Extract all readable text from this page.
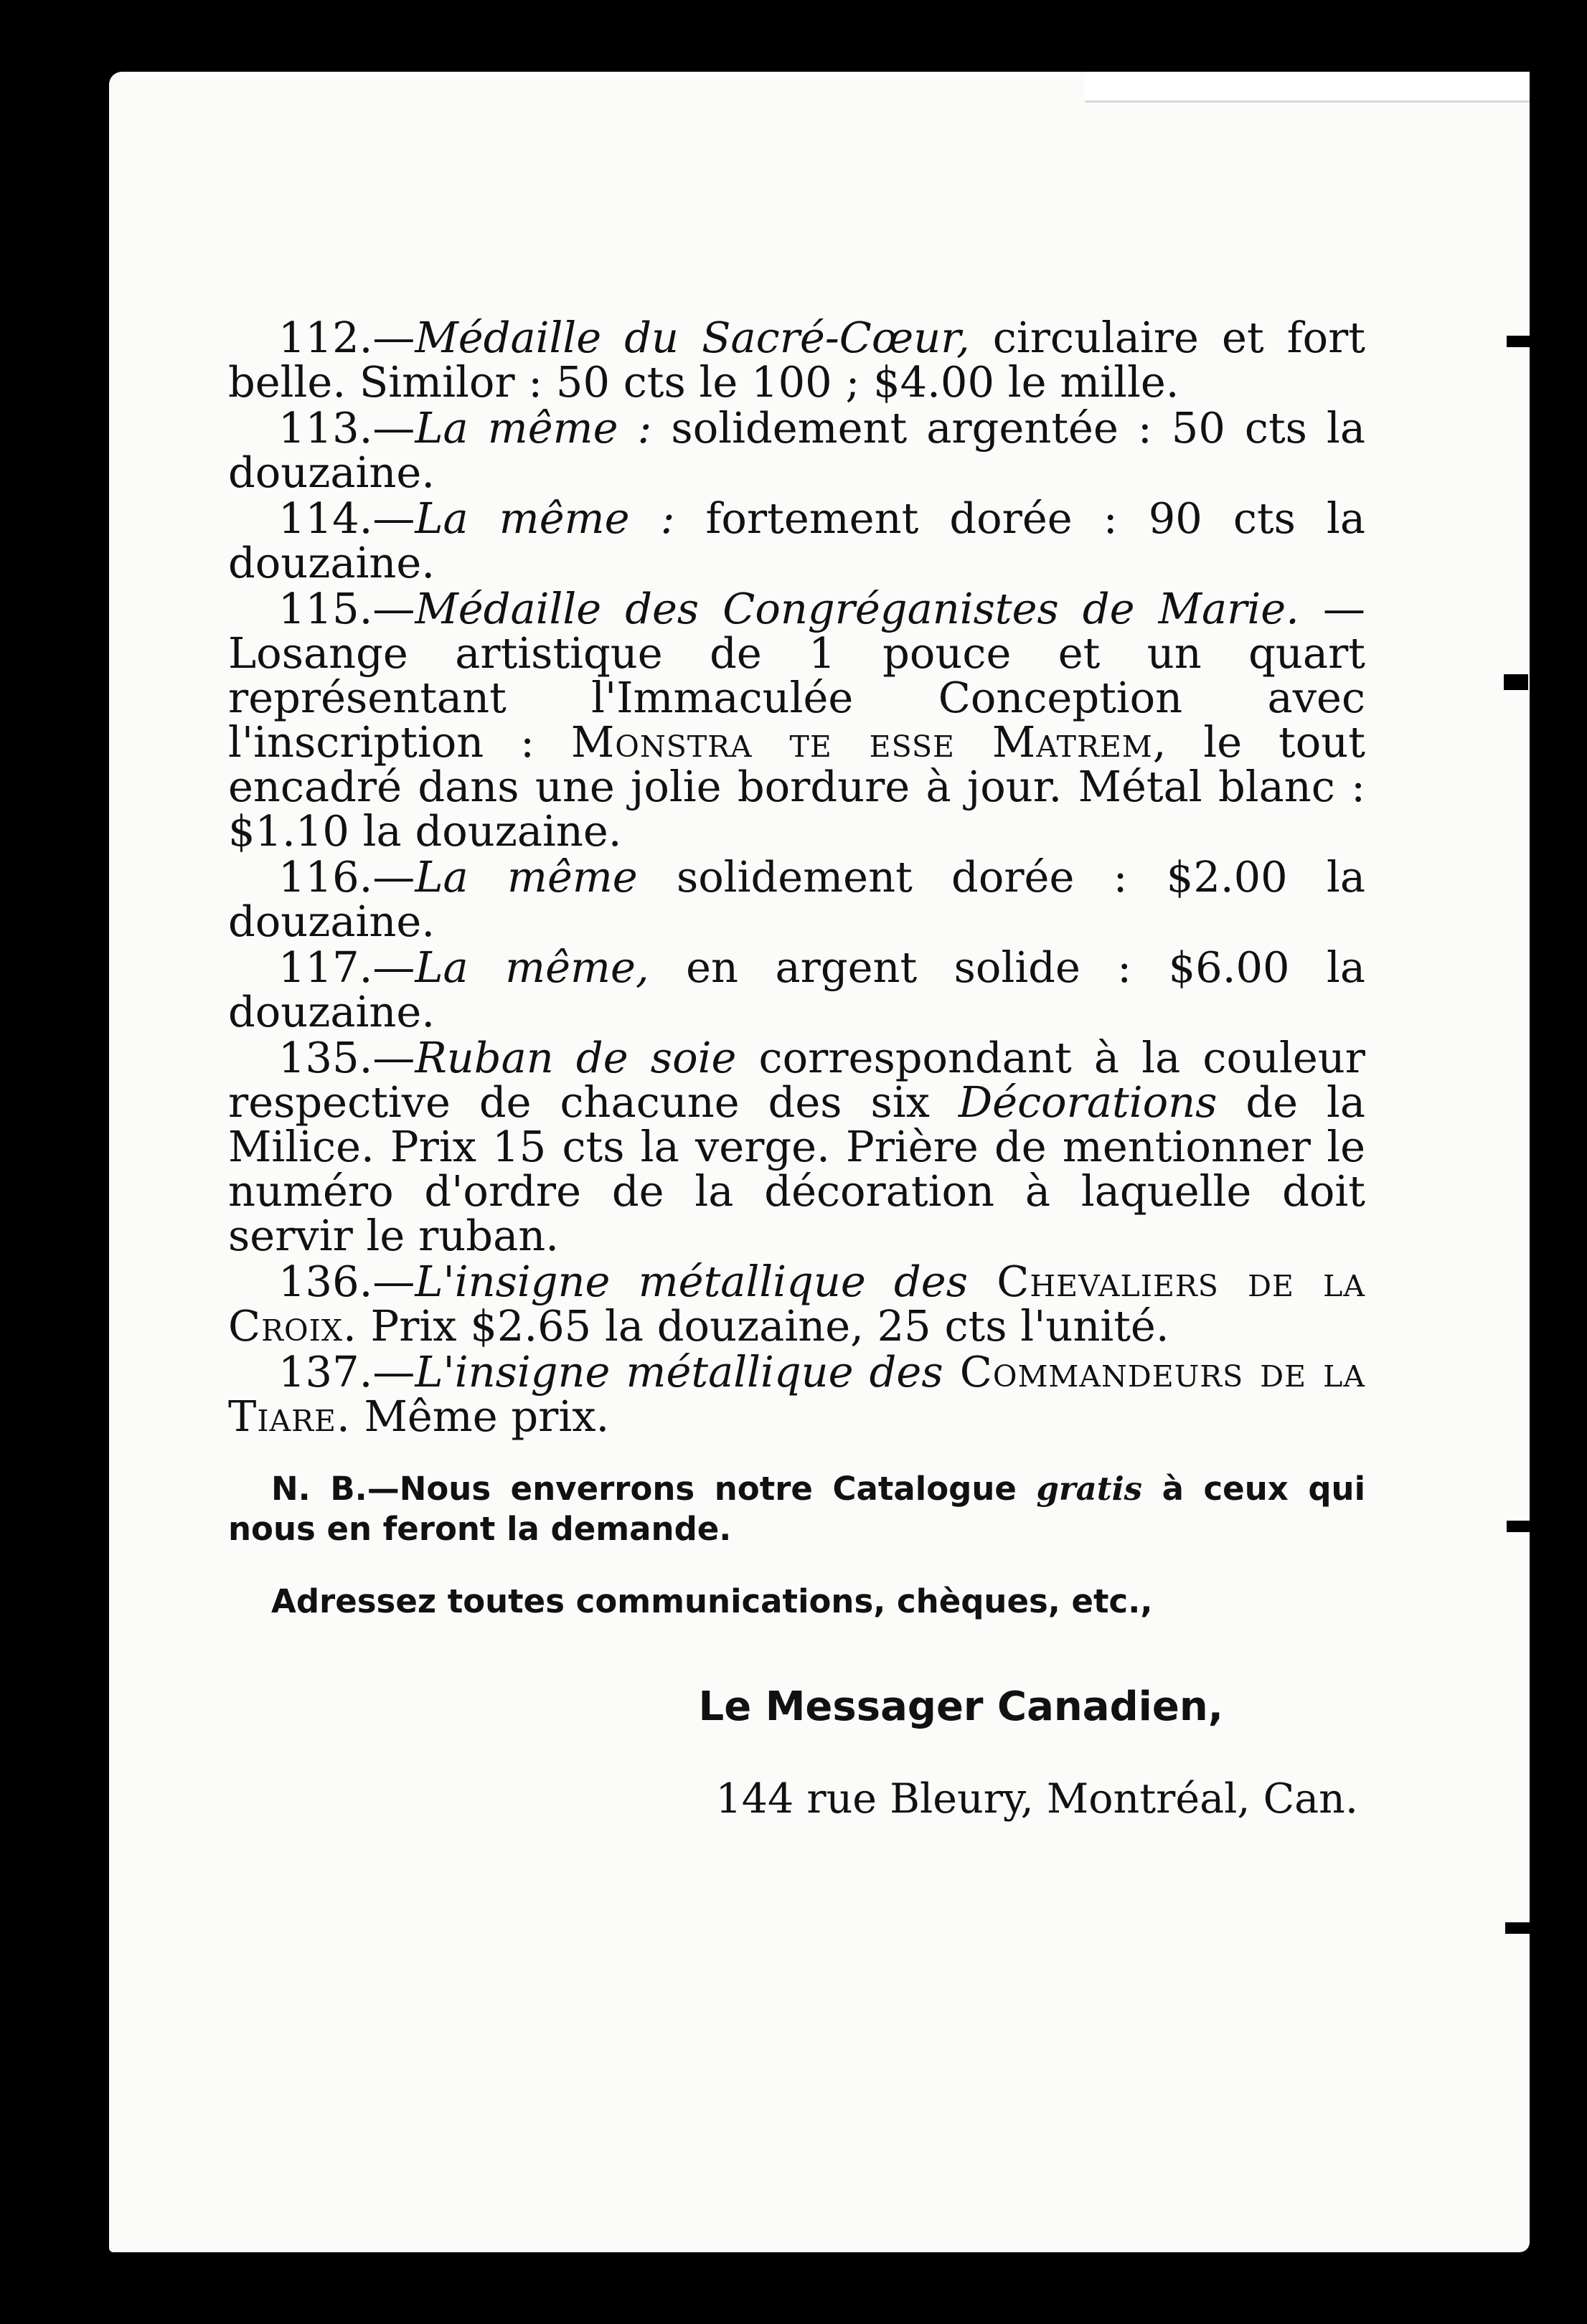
112.—Médaille du Sacré-Cœur, circulaire et fort belle. Similor : 50 cts le 100 ; $4.00 le mille.

113.—La même : solidement argentée : 50 cts la douzaine.

114.—La même : fortement dorée : 90 cts la douzaine.

115.—Médaille des Congréganistes de Marie. —Losange artistique de 1 pouce et un quart représentant l'Immaculée Conception avec l'inscription : Monstra te esse Matrem, le tout encadré dans une jolie bordure à jour. Métal blanc : $1.10 la douzaine.

116.—La même solidement dorée : $2.00 la douzaine.

117.—La même, en argent solide : $6.00 la douzaine.

135.—Ruban de soie correspondant à la couleur respective de chacune des six Décorations de la Milice. Prix 15 cts la verge. Prière de mentionner le numéro d'ordre de la décoration à laquelle doit servir le ruban.

136.—L'insigne métallique des Chevaliers de la Croix. Prix $2.65 la douzaine, 25 cts l'unité.

137.—L'insigne métallique des Commandeurs de la Tiare. Même prix.

N. B.—Nous enverrons notre Catalogue gratis à ceux qui nous en feront la demande.

Adressez toutes communications, chèques, etc.,

Le Messager Canadien,

144 rue Bleury, Montréal, Can.
